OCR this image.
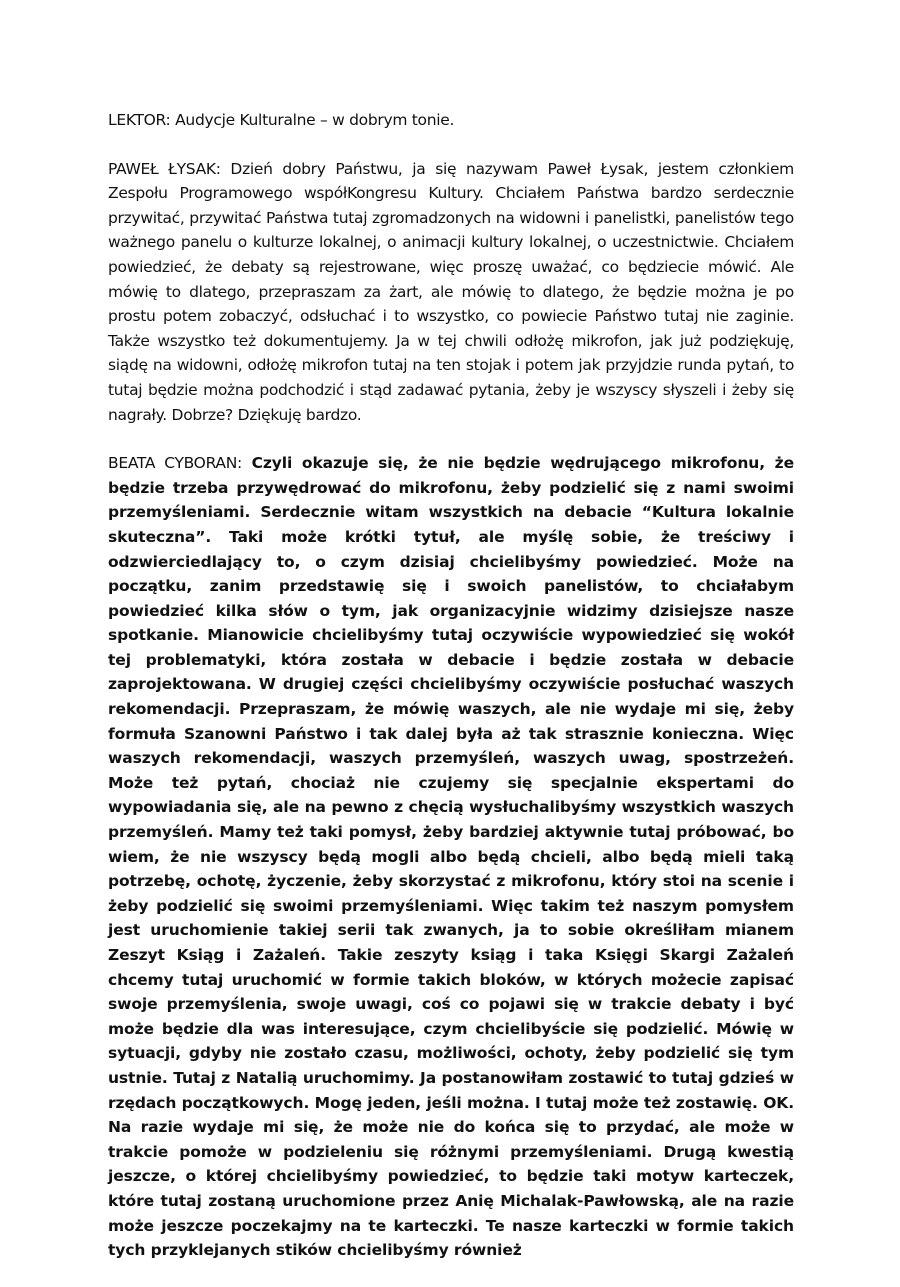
LEKTOR: Audycje Kulturalne – w dobrym tonie.

PAWEŁ ŁYSAK: Dzień dobry Państwu, ja się nazywam Paweł Łysak, jestem członkiem Zespołu Programowego współKongresu Kultury. Chciałem Państwa bardzo serdecznie przywitać, przywitać Państwa tutaj zgromadzonych na widowni i panelistki, panelistów tego ważnego panelu o kulturze lokalnej, o animacji kultury lokalnej, o uczestnictwie. Chciałem powiedzieć, że debaty są rejestrowane, więc proszę uważać, co będziecie mówić. Ale mówię to dlatego, przepraszam za żart, ale mówię to dlatego, że będzie można je po prostu potem zobaczyć, odsłuchać i to wszystko, co powiecie Państwo tutaj nie zaginie. Także wszystko też dokumentujemy. Ja w tej chwili odłożę mikrofon, jak już podziękuję, siądę na widowni, odłożę mikrofon tutaj na ten stojak i potem jak przyjdzie runda pytań, to tutaj będzie można podchodzić i stąd zadawać pytania, żeby je wszyscy słyszeli i żeby się nagrały. Dobrze? Dziękuję bardzo.

BEATA CYBORAN: Czyli okazuje się, że nie będzie wędrującego mikrofonu, że będzie trzeba przywędrować do mikrofonu, żeby podzielić się z nami swoimi przemyśleniami. Serdecznie witam wszystkich na debacie “Kultura lokalnie skuteczna”. Taki może krótki tytuł, ale myślę sobie, że treściwy i odzwierciedlający to, o czym dzisiaj chcielibyśmy powiedzieć. Może na początku, zanim przedstawię się i swoich panelistów, to chciałabym powiedzieć kilka słów o tym, jak organizacyjnie widzimy dzisiejsze nasze spotkanie. Mianowicie chcielibyśmy tutaj oczywiście wypowiedzieć się wokół tej problematyki, która została w debacie i będzie została w debacie zaprojektowana. W drugiej części chcielibyśmy oczywiście posłuchać waszych rekomendacji. Przepraszam, że mówię waszych, ale nie wydaje mi się, żeby formuła Szanowni Państwo i tak dalej była aż tak strasznie konieczna. Więc waszych rekomendacji, waszych przemyśleń, waszych uwag, spostrzeżeń. Może też pytań, chociaż nie czujemy się specjalnie ekspertami do wypowiadania się, ale na pewno z chęcią wysłuchalibyśmy wszystkich waszych przemyśleń. Mamy też taki pomysł, żeby bardziej aktywnie tutaj próbować, bo wiem, że nie wszyscy będą mogli albo będą chcieli, albo będą mieli taką potrzebę, ochotę, życzenie, żeby skorzystać z mikrofonu, który stoi na scenie i żeby podzielić się swoimi przemyśleniami. Więc takim też naszym pomysłem jest uruchomienie takiej serii tak zwanych, ja to sobie określiłam mianem Zeszyt Ksiąg i Zażaleń. Takie zeszyty ksiąg i taka Księgi Skargi Zażaleń chcemy tutaj uruchomić w formie takich bloków, w których możecie zapisać swoje przemyślenia, swoje uwagi, coś co pojawi się w trakcie debaty i być może będzie dla was interesujące, czym chcielibyście się podzielić. Mówię w sytuacji, gdyby nie zostało czasu, możliwości, ochoty, żeby podzielić się tym ustnie. Tutaj z Natalią uruchomimy. Ja postanowiłam zostawić to tutaj gdzieś w rzędach początkowych. Mogę jeden, jeśli można. I tutaj może też zostawię. OK. Na razie wydaje mi się, że może nie do końca się to przydać, ale może w trakcie pomoże w podzieleniu się różnymi przemyśleniami. Drugą kwestią jeszcze, o której chcielibyśmy powiedzieć, to będzie taki motyw karteczek, które tutaj zostaną uruchomione przez Anię Michalak-Pawłowską, ale na razie może jeszcze poczekajmy na te karteczki. Te nasze karteczki w formie takich tych przyklejanych stików chcielibyśmy również
